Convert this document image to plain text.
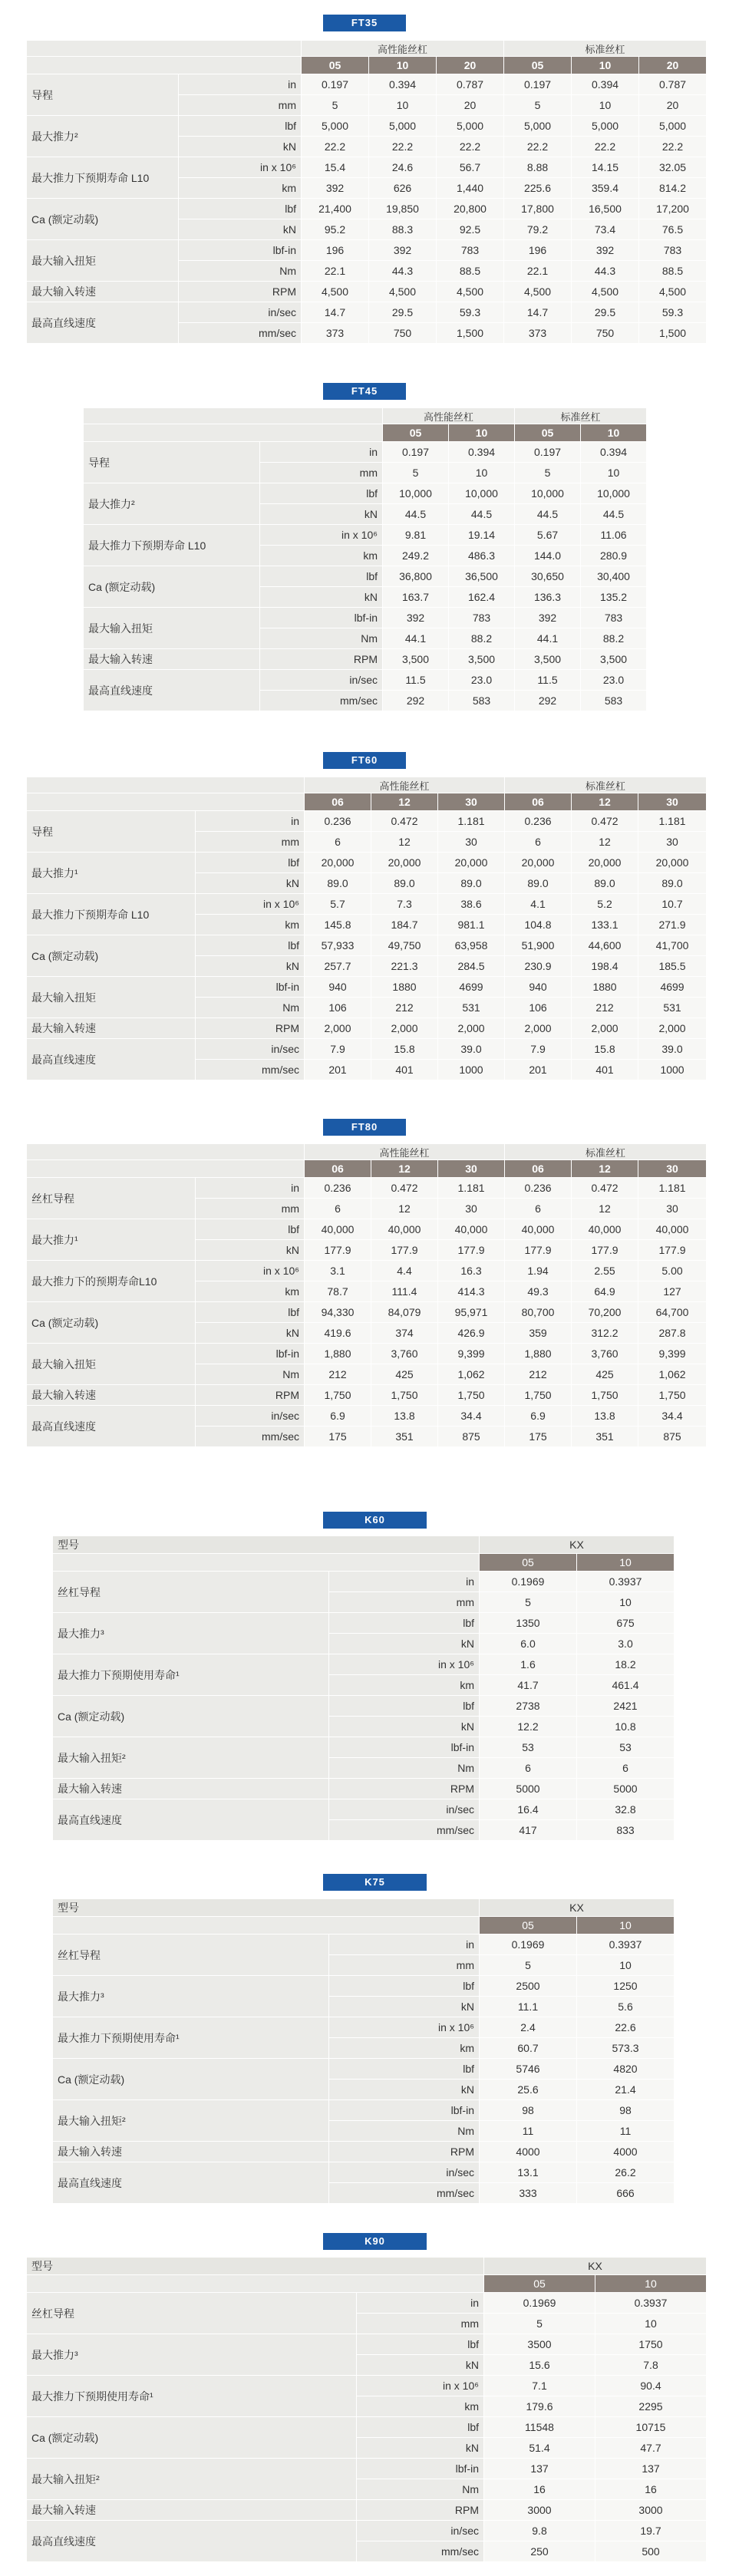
FT35
		高性能丝杠			标准丝杠		
		05	10	20	05	10	20
导程	in	0.197	0.394	0.787	0.197	0.394	0.787
	mm	5	10	20	5	10	20
最大推力²	lbf	5,000	5,000	5,000	5,000	5,000	5,000
	kN	22.2	22.2	22.2	22.2	22.2	22.2
最大推力下预期寿命 L10	in x 10⁶	15.4	24.6	56.7	8.88	14.15	32.05
	km	392	626	1,440	225.6	359.4	814.2
Ca (额定动载)	lbf	21,400	19,850	20,800	17,800	16,500	17,200
	kN	95.2	88.3	92.5	79.2	73.4	76.5
最大输入扭矩	lbf-in	196	392	783	196	392	783
	Nm	22.1	44.3	88.5	22.1	44.3	88.5
最大输入转速	RPM	4,500	4,500	4,500	4,500	4,500	4,500
最高直线速度	in/sec	14.7	29.5	59.3	14.7	29.5	59.3
	mm/sec	373	750	1,500	373	750	1,500
FT45
		高性能丝杠		标准丝杠	
		05	10	05	10
导程	in	0.197	0.394	0.197	0.394
	mm	5	10	5	10
最大推力²	lbf	10,000	10,000	10,000	10,000
	kN	44.5	44.5	44.5	44.5
最大推力下预期寿命 L10	in x 10⁶	9.81	19.14	5.67	11.06
	km	249.2	486.3	144.0	280.9
Ca (额定动载)	lbf	36,800	36,500	30,650	30,400
	kN	163.7	162.4	136.3	135.2
最大输入扭矩	lbf-in	392	783	392	783
	Nm	44.1	88.2	44.1	88.2
最大输入转速	RPM	3,500	3,500	3,500	3,500
最高直线速度	in/sec	11.5	23.0	11.5	23.0
	mm/sec	292	583	292	583
FT60
		高性能丝杠			标准丝杠		
		06	12	30	06	12	30
导程	in	0.236	0.472	1.181	0.236	0.472	1.181
	mm	6	12	30	6	12	30
最大推力¹	lbf	20,000	20,000	20,000	20,000	20,000	20,000
	kN	89.0	89.0	89.0	89.0	89.0	89.0
最大推力下预期寿命 L10	in x 10⁶	5.7	7.3	38.6	4.1	5.2	10.7
	km	145.8	184.7	981.1	104.8	133.1	271.9
Ca (额定动载)	lbf	57,933	49,750	63,958	51,900	44,600	41,700
	kN	257.7	221.3	284.5	230.9	198.4	185.5
最大输入扭矩	lbf-in	940	1880	4699	940	1880	4699
	Nm	106	212	531	106	212	531
最大输入转速	RPM	2,000	2,000	2,000	2,000	2,000	2,000
最高直线速度	in/sec	7.9	15.8	39.0	7.9	15.8	39.0
	mm/sec	201	401	1000	201	401	1000
FT80
		高性能丝杠			标准丝杠		
		06	12	30	06	12	30
丝杠导程	in	0.236	0.472	1.181	0.236	0.472	1.181
	mm	6	12	30	6	12	30
最大推力¹	lbf	40,000	40,000	40,000	40,000	40,000	40,000
	kN	177.9	177.9	177.9	177.9	177.9	177.9
最大推力下的预期寿命L10	in x 10⁶	3.1	4.4	16.3	1.94	2.55	5.00
	km	78.7	111.4	414.3	49.3	64.9	127
Ca (额定动载)	lbf	94,330	84,079	95,971	80,700	70,200	64,700
	kN	419.6	374	426.9	359	312.2	287.8
最大输入扭矩	lbf-in	1,880	3,760	9,399	1,880	3,760	9,399
	Nm	212	425	1,062	212	425	1,062
最大输入转速	RPM	1,750	1,750	1,750	1,750	1,750	1,750
最高直线速度	in/sec	6.9	13.8	34.4	6.9	13.8	34.4
	mm/sec	175	351	875	175	351	875
K60
型号		KX	
		05	10
丝杠导程	in	0.1969	0.3937
	mm	5	10
最大推力³	lbf	1350	675
	kN	6.0	3.0
最大推力下预期使用寿命¹	in x 10⁶	1.6	18.2
	km	41.7	461.4
Ca (额定动载)	lbf	2738	2421
	kN	12.2	10.8
最大输入扭矩²	lbf-in	53	53
	Nm	6	6
最大输入转速	RPM	5000	5000
最高直线速度	in/sec	16.4	32.8
	mm/sec	417	833
K75
型号		KX	
		05	10
丝杠导程	in	0.1969	0.3937
	mm	5	10
最大推力³	lbf	2500	1250
	kN	11.1	5.6
最大推力下预期使用寿命¹	in x 10⁶	2.4	22.6
	km	60.7	573.3
Ca (额定动载)	lbf	5746	4820
	kN	25.6	21.4
最大输入扭矩²	lbf-in	98	98
	Nm	11	11
最大输入转速	RPM	4000	4000
最高直线速度	in/sec	13.1	26.2
	mm/sec	333	666
K90
型号		KX	
		05	10
丝杠导程	in	0.1969	0.3937
	mm	5	10
最大推力³	lbf	3500	1750
	kN	15.6	7.8
最大推力下预期使用寿命¹	in x 10⁶	7.1	90.4
	km	179.6	2295
Ca (额定动载)	lbf	11548	10715
	kN	51.4	47.7
最大输入扭矩²	lbf-in	137	137
	Nm	16	16
最大输入转速	RPM	3000	3000
最高直线速度	in/sec	9.8	19.7
	mm/sec	250	500
